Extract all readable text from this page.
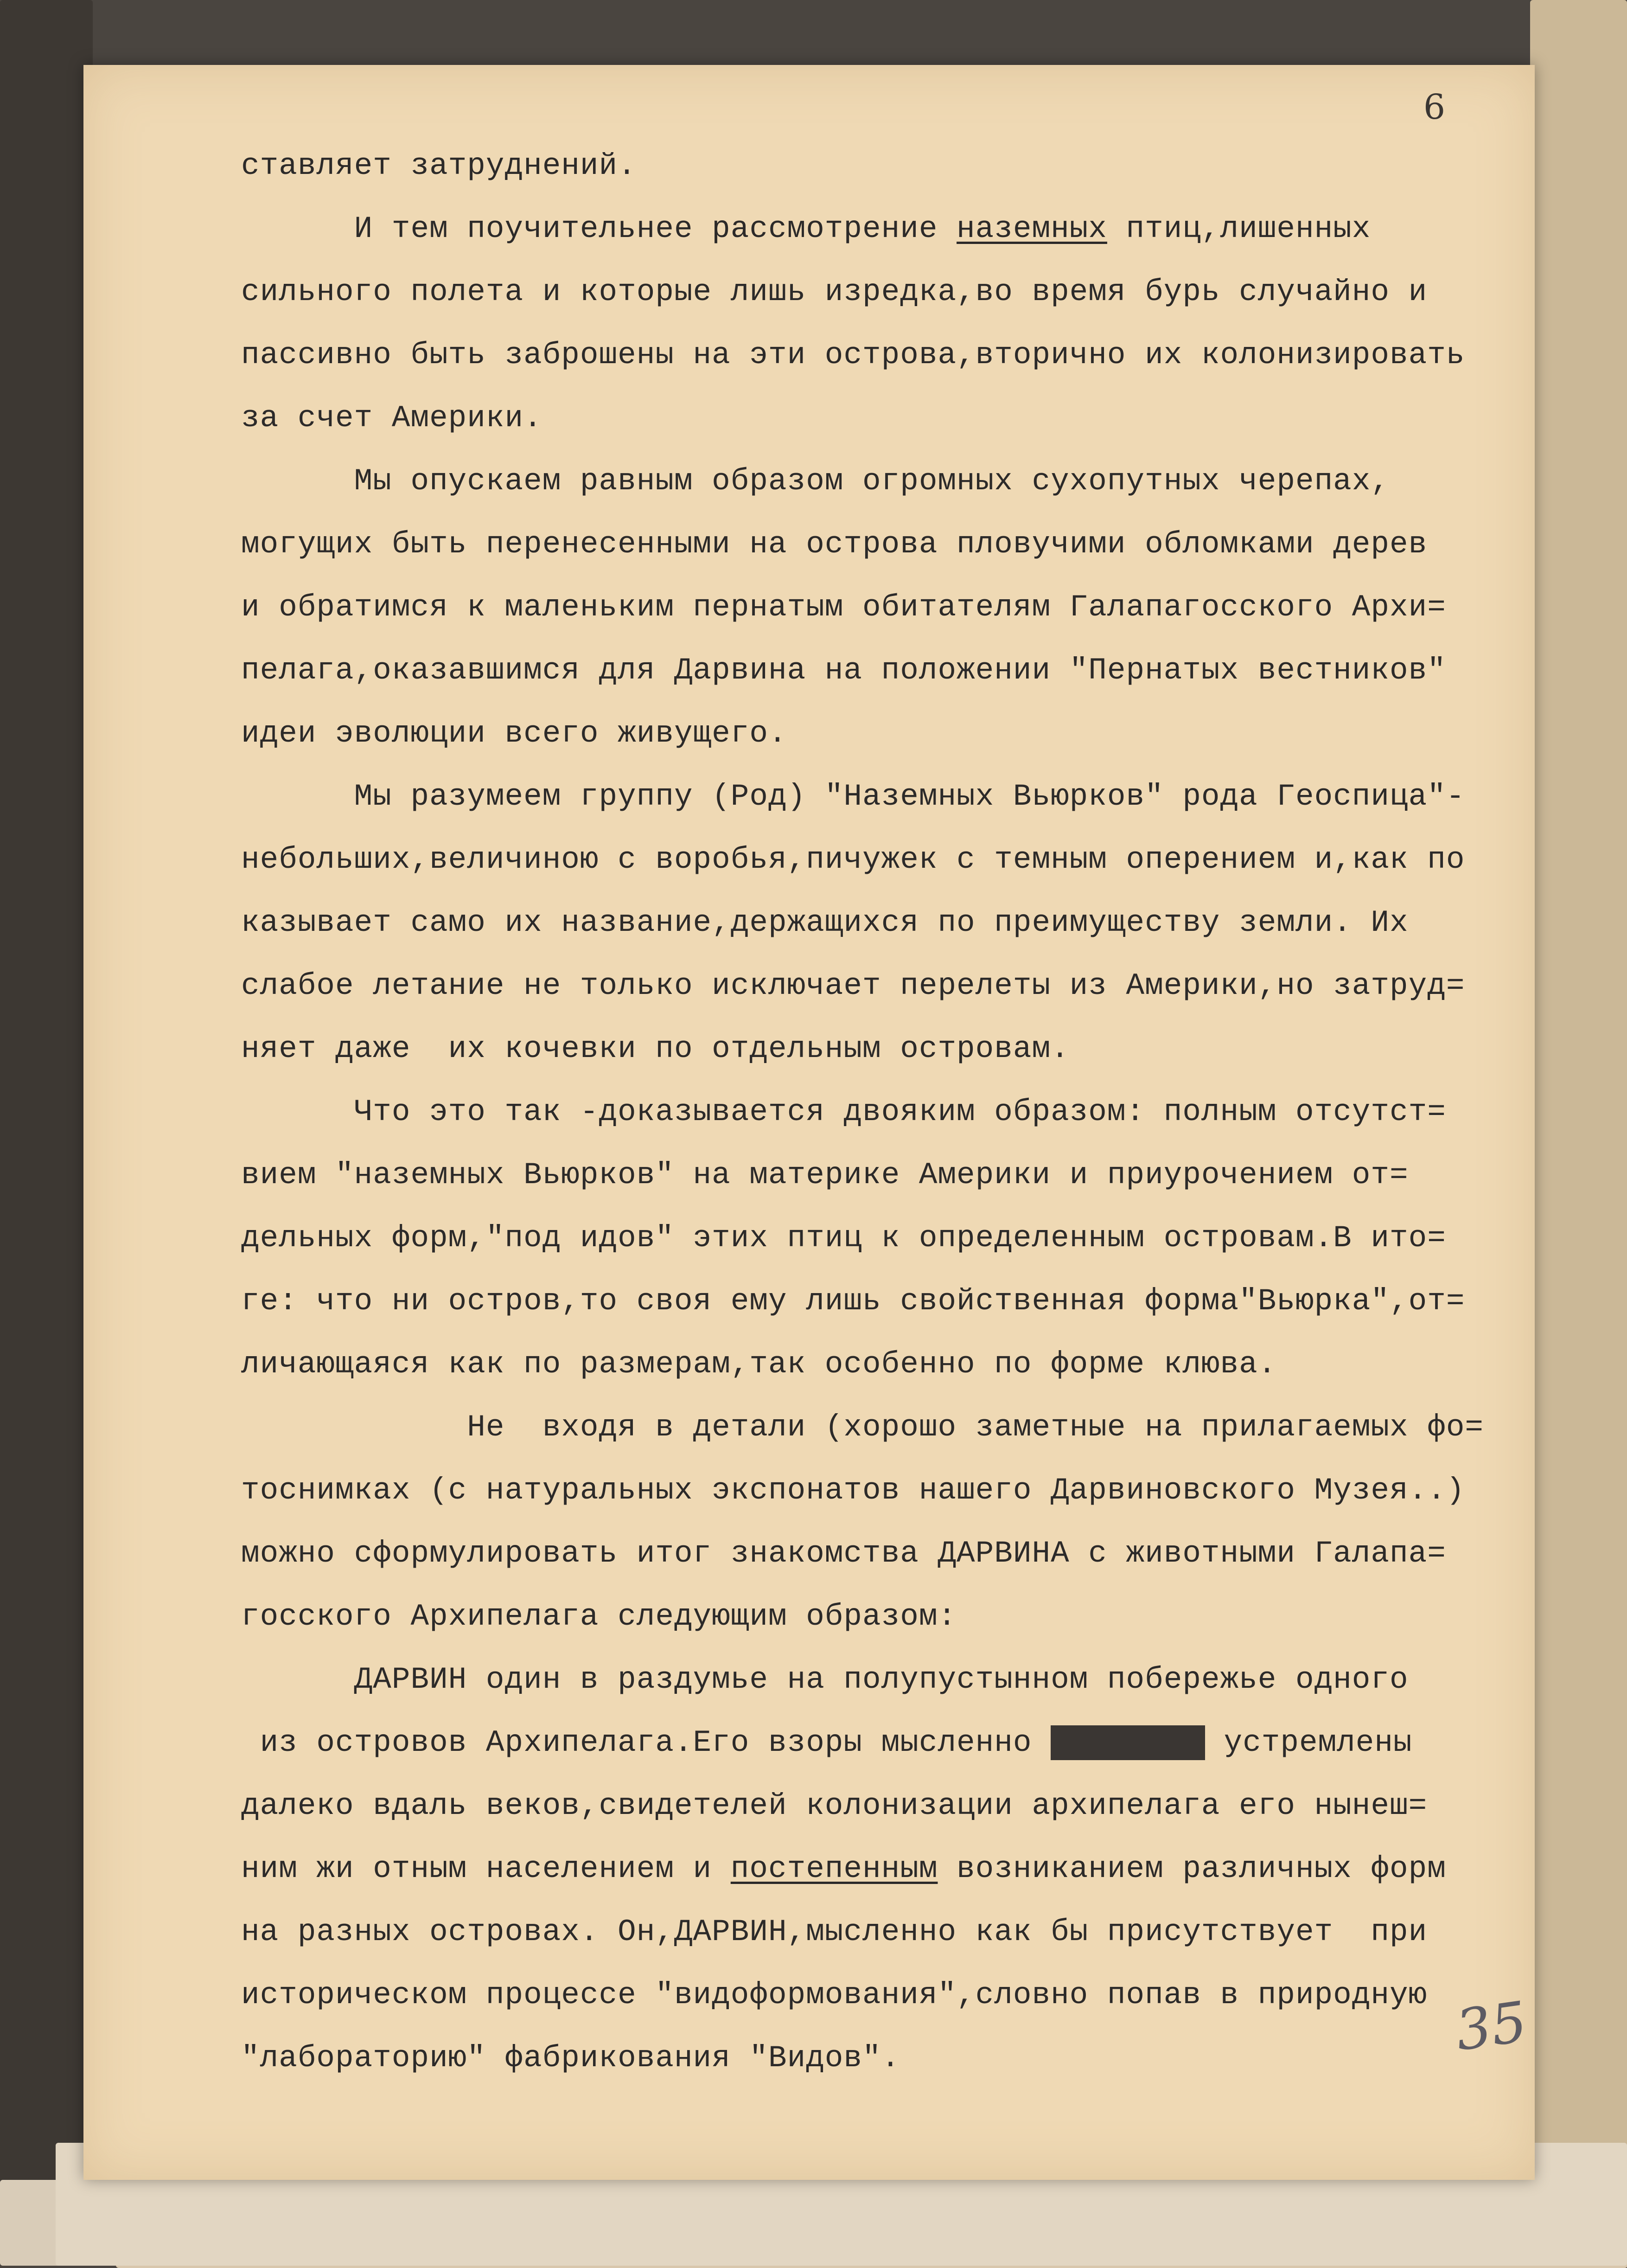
6
ставляет затруднений.
И тем поучительнее рассмотрение наземных птиц,лишенных
сильного полета и которые лишь изредка,во время бурь случайно и
пассивно быть заброшены на эти острова,вторично их колонизировать
за счет Америки.
Мы опускаем равным образом огромных сухопутных черепах,
могущих быть перенесенными на острова пловучими обломками дерев
и обратимся к маленьким пернатым обитателям Галапагосского Архи=
пелага,оказавшимся для Дарвина на положении "Пернатых вестников"
идеи эволюции всего живущего.
Мы разумеем группу (Род) "Наземных Вьюрков" рода Геоспица"-
небольших,величиною с воробья,пичужек с темным оперением и,как по
казывает само их название,держащихся по преимуществу земли. Их
слабое летание не только исключает перелеты из Америки,но затруд=
няет даже  их кочевки по отдельным островам.
Что это так -доказывается двояким образом: полным отсутст=
вием "наземных Вьюрков" на материке Америки и приурочением от=
дельных форм,"под идов" этих птиц к определенным островам.В ито=
ге: что ни остров,то своя ему лишь свойственная форма"Вьюрка",от=
личающаяся как по размерам,так особенно по форме клюва.
Не  входя в детали (хорошо заметные на прилагаемых фо=
тоснимках (с натуральных экспонатов нашего Дарвиновского Музея..)
можно сформулировать итог знакомства ДАРВИНА с животными Галапа=
госского Архипелага следующим образом:
ДАРВИН один в раздумье на полупустынном побережье одного
из островов Архипелага.Его взоры мысленно xxxxxxxx устремлены
далеко вдаль веков,свидетелей колонизации архипелага его нынеш=
ним жи отным населением и постепенным возниканием различных форм
на разных островах. Он,ДАРВИН,мысленно как бы присутствует  при
историческом процессе "видоформования",словно попав в природную
"лабораторию" фабрикования "Видов".	35
